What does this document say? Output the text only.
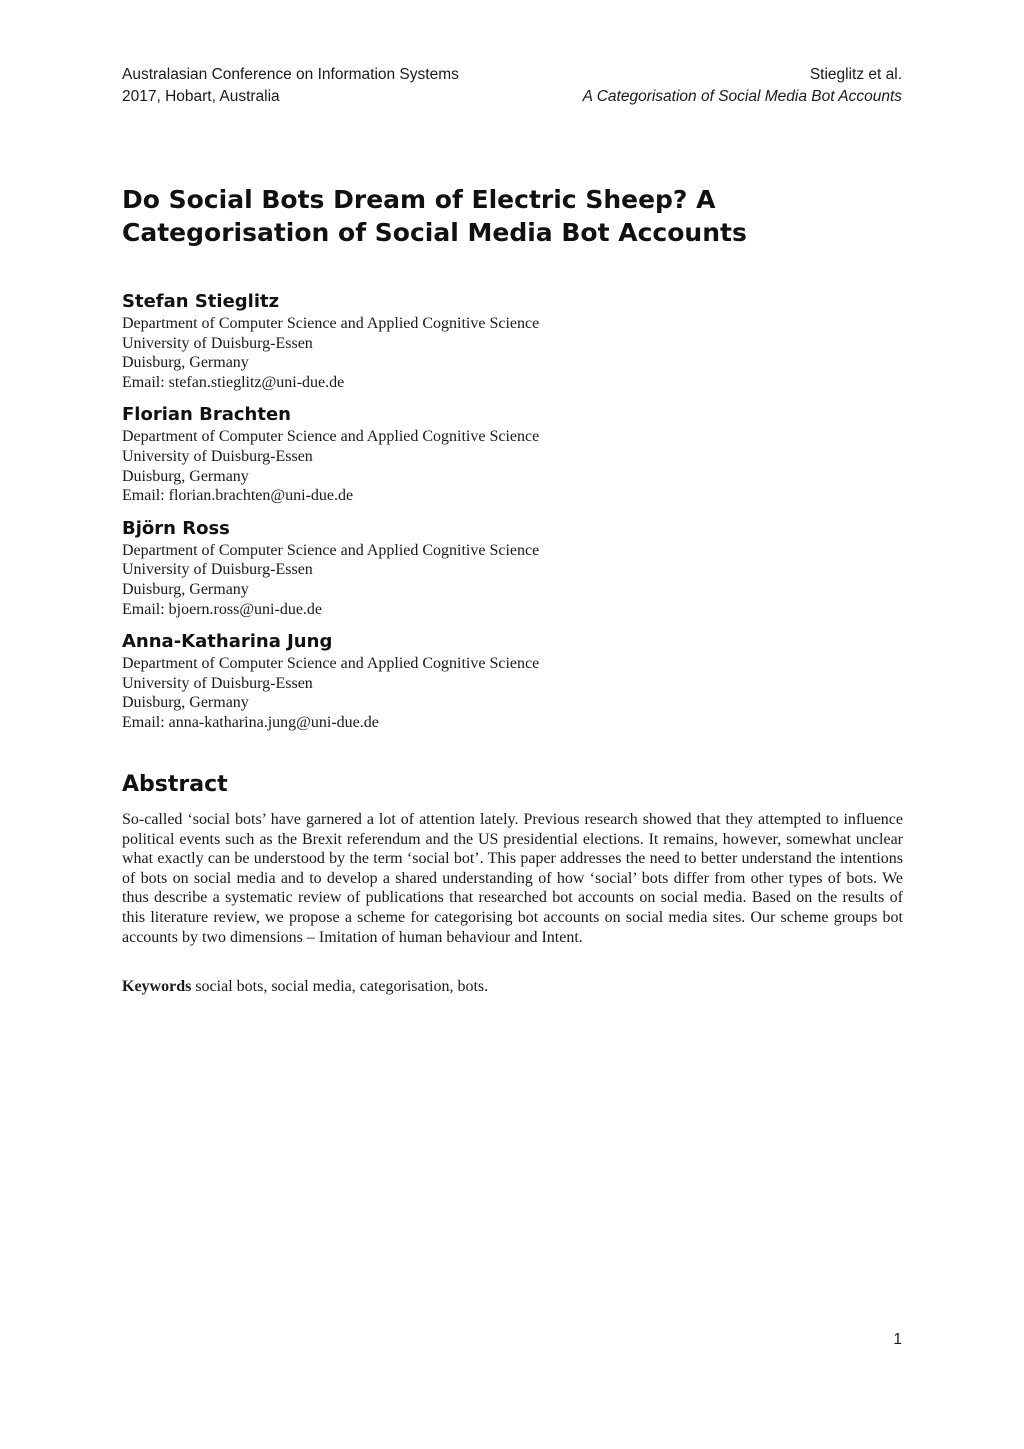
Australasian Conference on Information Systems
2017, Hobart, Australia
Stieglitz et al.
A Categorisation of Social Media Bot Accounts
Do Social Bots Dream of Electric Sheep? A Categorisation of Social Media Bot Accounts

Stefan Stieglitz

Department of Computer Science and Applied Cognitive Science

University of Duisburg-Essen

Duisburg, Germany

Email: stefan.stieglitz@uni-due.de

Florian Brachten

Department of Computer Science and Applied Cognitive Science

University of Duisburg-Essen

Duisburg, Germany

Email: florian.brachten@uni-due.de

Björn Ross

Department of Computer Science and Applied Cognitive Science

University of Duisburg-Essen

Duisburg, Germany

Email: bjoern.ross@uni-due.de

Anna-Katharina Jung

Department of Computer Science and Applied Cognitive Science

University of Duisburg-Essen

Duisburg, Germany

Email: anna-katharina.jung@uni-due.de

Abstract

So-called ‘social bots’ have garnered a lot of attention lately. Previous research showed that they attempted to influence political events such as the Brexit referendum and the US presidential elections. It remains, however, somewhat unclear what exactly can be understood by the term ‘social bot’. This paper addresses the need to better understand the intentions of bots on social media and to develop a shared understanding of how ‘social’ bots differ from other types of bots. We thus describe a systematic review of publications that researched bot accounts on social media. Based on the results of this literature review, we propose a scheme for categorising bot accounts on social media sites. Our scheme groups bot accounts by two dimensions – Imitation of human behaviour and Intent.

Keywords social bots, social media, categorisation, bots.

1
